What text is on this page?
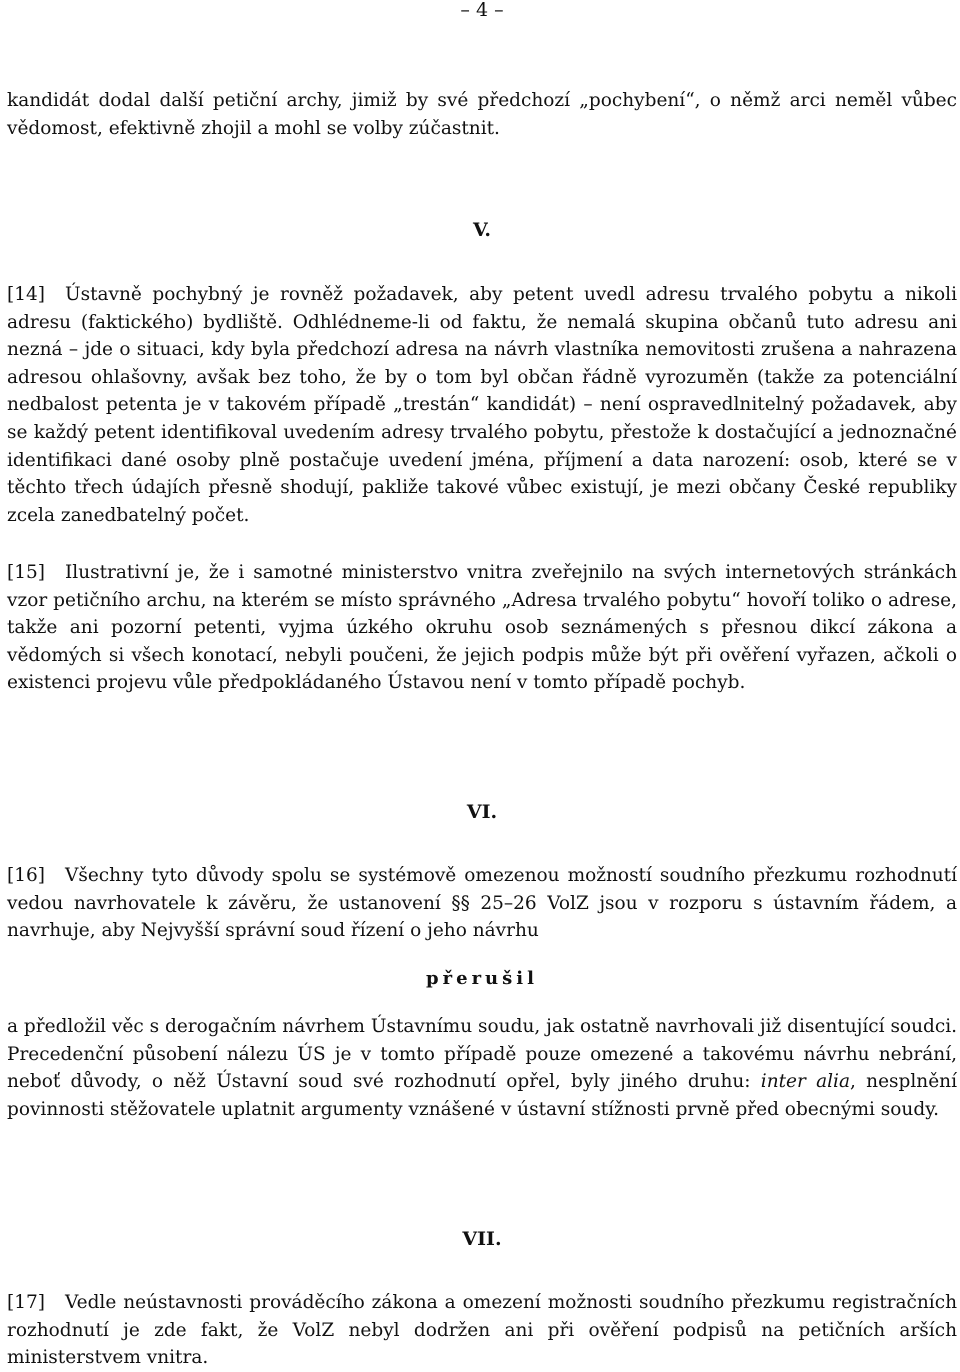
– 4 –

kandidát dodal další petiční archy, jimiž by své předchozí „pochybení“, o němž arci neměl vůbec vědomost, efektivně zhojil a mohl se volby zúčastnit.

V.

[14] Ústavně pochybný je rovněž požadavek, aby petent uvedl adresu trvalého pobytu a nikoli adresu (faktického) bydliště. Odhlédneme-li od faktu, že nemalá skupina občanů tuto adresu ani nezná – jde o situaci, kdy byla předchozí adresa na návrh vlastníka nemovitosti zrušena a nahrazena adresou ohlašovny, avšak bez toho, že by o tom byl občan řádně vyrozuměn (takže za potenciální nedbalost petenta je v takovém případě „trestán“ kandidát) – není ospravedlnitelný požadavek, aby se každý petent identifikoval uvedením adresy trvalého pobytu, přestože k dostačující a jednoznačné identifikaci dané osoby plně postačuje uvedení jména, příjmení a data narození: osob, které se v těchto třech údajích přesně shodují, pakliže takové vůbec existují, je mezi občany České republiky zcela zanedbatelný počet.

[15] Ilustrativní je, že i samotné ministerstvo vnitra zveřejnilo na svých internetových stránkách vzor petičního archu, na kterém se místo správného „Adresa trvalého pobytu“ hovoří toliko o adrese, takže ani pozorní petenti, vyjma úzkého okruhu osob seznámených s přesnou dikcí zákona a vědomých si všech konotací, nebyli poučeni, že jejich podpis může být při ověření vyřazen, ačkoli o existenci projevu vůle předpokládaného Ústavou není v tomto případě pochyb.

VI.

[16] Všechny tyto důvody spolu se systémově omezenou možností soudního přezkumu rozhodnutí vedou navrhovatele k závěru, že ustanovení §§ 25–26 VolZ jsou v rozporu s ústavním řádem, a navrhuje, aby Nejvyšší správní soud řízení o jeho návrhu

přerušil

a předložil věc s derogačním návrhem Ústavnímu soudu, jak ostatně navrhovali již disentující soudci. Precedenční působení nálezu ÚS je v tomto případě pouze omezené a takovému návrhu nebrání, neboť důvody, o něž Ústavní soud své rozhodnutí opřel, byly jiného druhu: inter alia, nesplnění povinnosti stěžovatele uplatnit argumenty vznášené v ústavní stížnosti prvně před obecnými soudy.

VII.

[17] Vedle neústavnosti prováděcího zákona a omezení možnosti soudního přezkumu registračních rozhodnutí je zde fakt, že VolZ nebyl dodržen ani při ověření podpisů na petičních arších ministerstvem vnitra.
